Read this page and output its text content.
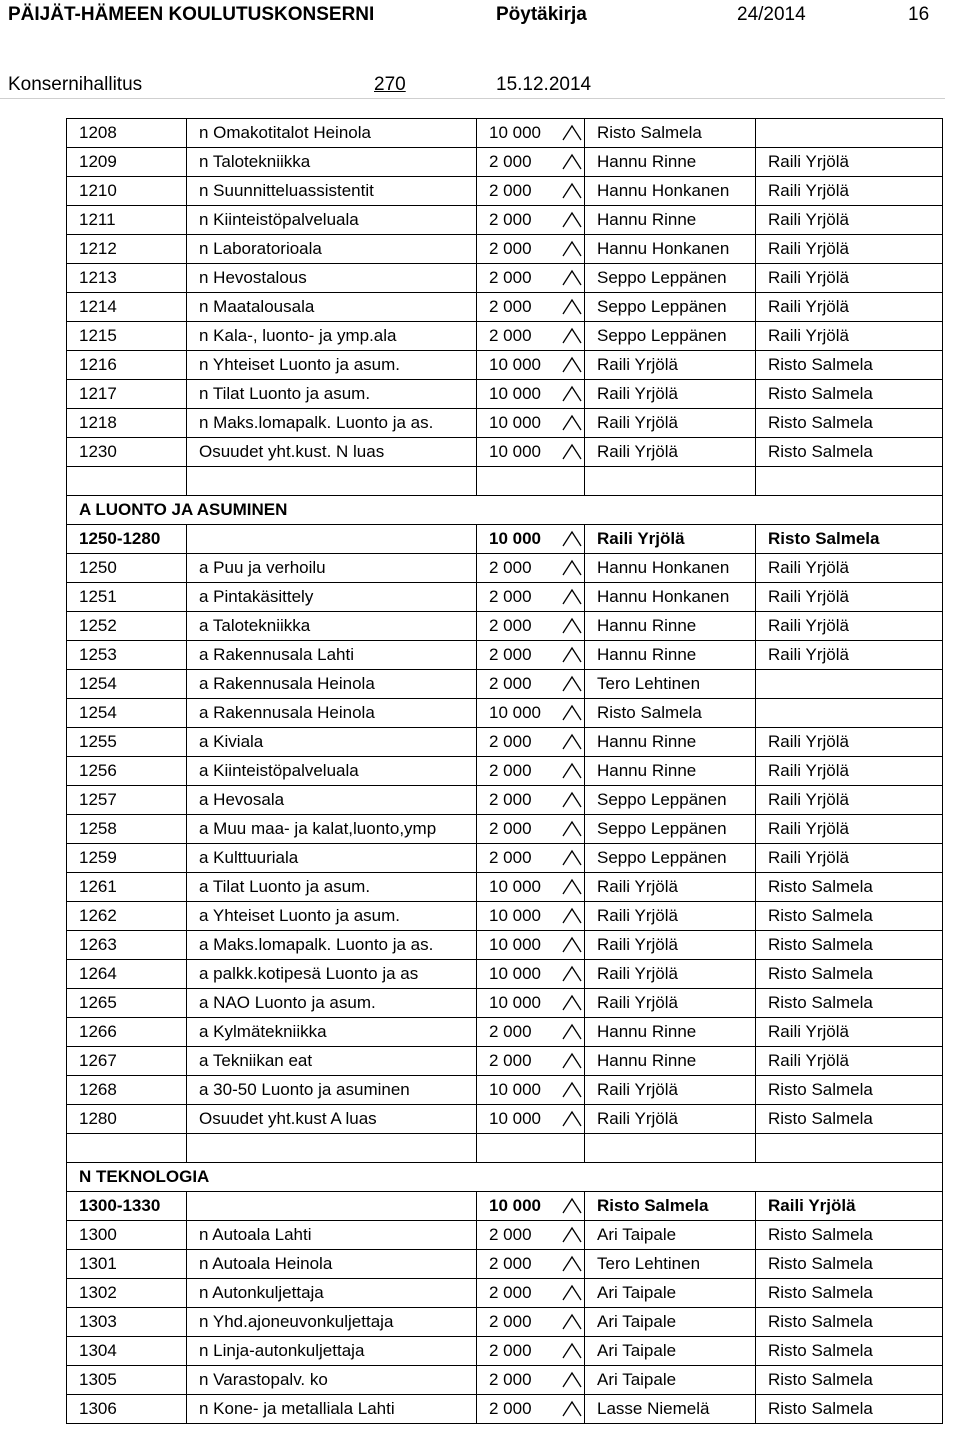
PÄIJÄT-HÄMEEN KOULUTUSKONSERNI	Pöytäkirja	24/2014	16
Konsernihallitus	270	15.12.2014
1208	n Omakotitalot Heinola	10 000	Risto Salmela	
1209	n Talotekniikka	2 000	Hannu Rinne	Raili Yrjölä
1210	n Suunnitteluassistentit	2 000	Hannu Honkanen	Raili Yrjölä
1211	n Kiinteistöpalveluala	2 000	Hannu Rinne	Raili Yrjölä
1212	n Laboratorioala	2 000	Hannu Honkanen	Raili Yrjölä
1213	n Hevostalous	2 000	Seppo Leppänen	Raili Yrjölä
1214	n Maatalousala	2 000	Seppo Leppänen	Raili Yrjölä
1215	n Kala-, luonto- ja ymp.ala	2 000	Seppo Leppänen	Raili Yrjölä
1216	n Yhteiset Luonto ja asum.	10 000	Raili Yrjölä	Risto Salmela
1217	n Tilat Luonto ja asum.	10 000	Raili Yrjölä	Risto Salmela
1218	n Maks.lomapalk. Luonto ja as.	10 000	Raili Yrjölä	Risto Salmela
1230	Osuudet yht.kust. N luas	10 000	Raili Yrjölä	Risto Salmela

A LUONTO JA ASUMINEN				
1250-1280		10 000	Raili Yrjölä	Risto Salmela
1250	a Puu ja verhoilu	2 000	Hannu Honkanen	Raili Yrjölä
1251	a Pintakäsittely	2 000	Hannu Honkanen	Raili Yrjölä
1252	a Talotekniikka	2 000	Hannu Rinne	Raili Yrjölä
1253	a Rakennusala Lahti	2 000	Hannu Rinne	Raili Yrjölä
1254	a Rakennusala Heinola	2 000	Tero Lehtinen	
1254	a Rakennusala Heinola	10 000	Risto Salmela	
1255	a Kiviala	2 000	Hannu Rinne	Raili Yrjölä
1256	a Kiinteistöpalveluala	2 000	Hannu Rinne	Raili Yrjölä
1257	a Hevosala	2 000	Seppo Leppänen	Raili Yrjölä
1258	a Muu maa- ja kalat,luonto,ymp	2 000	Seppo Leppänen	Raili Yrjölä
1259	a Kulttuuriala	2 000	Seppo Leppänen	Raili Yrjölä
1261	a Tilat Luonto ja asum.	10 000	Raili Yrjölä	Risto Salmela
1262	a Yhteiset Luonto ja asum.	10 000	Raili Yrjölä	Risto Salmela
1263	a Maks.lomapalk. Luonto ja as.	10 000	Raili Yrjölä	Risto Salmela
1264	a palkk.kotipesä Luonto ja as	10 000	Raili Yrjölä	Risto Salmela
1265	a NAO Luonto ja asum.	10 000	Raili Yrjölä	Risto Salmela
1266	a Kylmätekniikka	2 000	Hannu Rinne	Raili Yrjölä
1267	a Tekniikan eat	2 000	Hannu Rinne	Raili Yrjölä
1268	a 30-50 Luonto ja asuminen	10 000	Raili Yrjölä	Risto Salmela
1280	Osuudet yht.kust A luas	10 000	Raili Yrjölä	Risto Salmela

N TEKNOLOGIA				
1300-1330		10 000	Risto Salmela	Raili Yrjölä
1300	n Autoala Lahti	2 000	Ari Taipale	Risto Salmela
1301	n Autoala Heinola	2 000	Tero Lehtinen	Risto Salmela
1302	n Autonkuljettaja	2 000	Ari Taipale	Risto Salmela
1303	n Yhd.ajoneuvonkuljettaja	2 000	Ari Taipale	Risto Salmela
1304	n Linja-autonkuljettaja	2 000	Ari Taipale	Risto Salmela
1305	n Varastopalv. ko	2 000	Ari Taipale	Risto Salmela
1306	n Kone- ja metalliala Lahti	2 000	Lasse Niemelä	Risto Salmela
